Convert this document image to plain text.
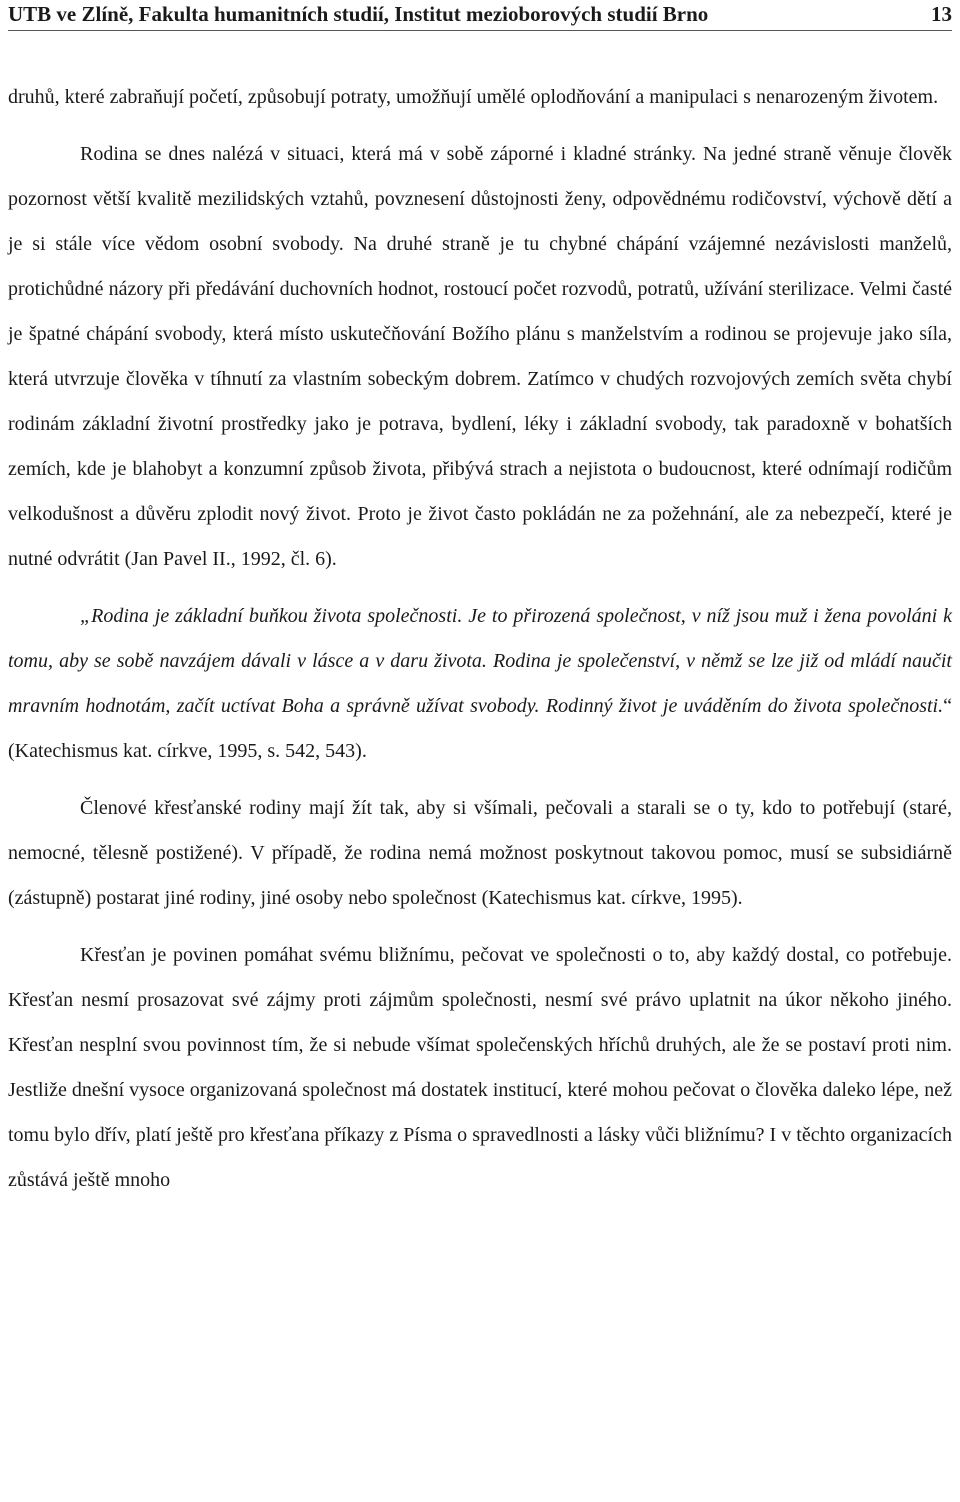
UTB ve Zlíně, Fakulta humanitních studií, Institut mezioborových studií Brno	13

druhů, které zabraňují početí, způsobují potraty, umožňují umělé oplodňování a manipulaci s nenarozeným životem.

Rodina se dnes nalézá v situaci, která má v sobě záporné i kladné stránky. Na jedné straně věnuje člověk pozornost větší kvalitě mezilidských vztahů, povznesení důstojnosti ženy, odpovědnému rodičovství, výchově dětí a je si stále více vědom osobní svobody. Na druhé straně je tu chybné chápání vzájemné nezávislosti manželů, protichůdné názory při předávání duchovních hodnot, rostoucí počet rozvodů, potratů, užívání sterilizace. Velmi časté je špatné chápání svobody, která místo uskutečňování Božího plánu s manželstvím a rodinou se projevuje jako síla, která utvrzuje člověka v tíhnutí za vlastním sobeckým dobrem. Zatímco v chudých rozvojových zemích světa chybí rodinám základní životní prostředky jako je potrava, bydlení, léky i základní svobody, tak paradoxně v bohatších zemích, kde je blahobyt a konzumní způsob života, přibývá strach a nejistota o budoucnost, které odnímají rodičům velkodušnost a důvěru zplodit nový život. Proto je život často pokládán ne za požehnání, ale za nebezpečí, které je nutné odvrátit (Jan Pavel II., 1992, čl. 6).

„Rodina je základní buňkou života společnosti. Je to přirozená společnost, v níž jsou muž i žena povoláni k tomu, aby se sobě navzájem dávali v lásce a v daru života. Rodina je společenství, v němž se lze již od mládí naučit mravním hodnotám, začít uctívat Boha a správně užívat svobody. Rodinný život je uváděním do života společnosti.“ (Katechismus kat. církve, 1995, s. 542, 543).

Členové křesťanské rodiny mají žít tak, aby si všímali, pečovali a starali se o ty, kdo to potřebují (staré, nemocné, tělesně postižené). V případě, že rodina nemá možnost poskytnout takovou pomoc, musí se subsidiárně (zástupně) postarat jiné rodiny, jiné osoby nebo společnost (Katechismus kat. církve, 1995).

Křesťan je povinen pomáhat svému bližnímu, pečovat ve společnosti o to, aby každý dostal, co potřebuje. Křesťan nesmí prosazovat své zájmy proti zájmům společnosti, nesmí své právo uplatnit na úkor někoho jiného. Křesťan nesplní svou povinnost tím, že si nebude všímat společenských hříchů druhých, ale že se postaví proti nim. Jestliže dnešní vysoce organizovaná společnost má dostatek institucí, které mohou pečovat o člověka daleko lépe, než tomu bylo dřív, platí ještě pro křesťana příkazy z Písma o spravedlnosti a lásky vůči bližnímu? I v těchto organizacích zůstává ještě mnoho
